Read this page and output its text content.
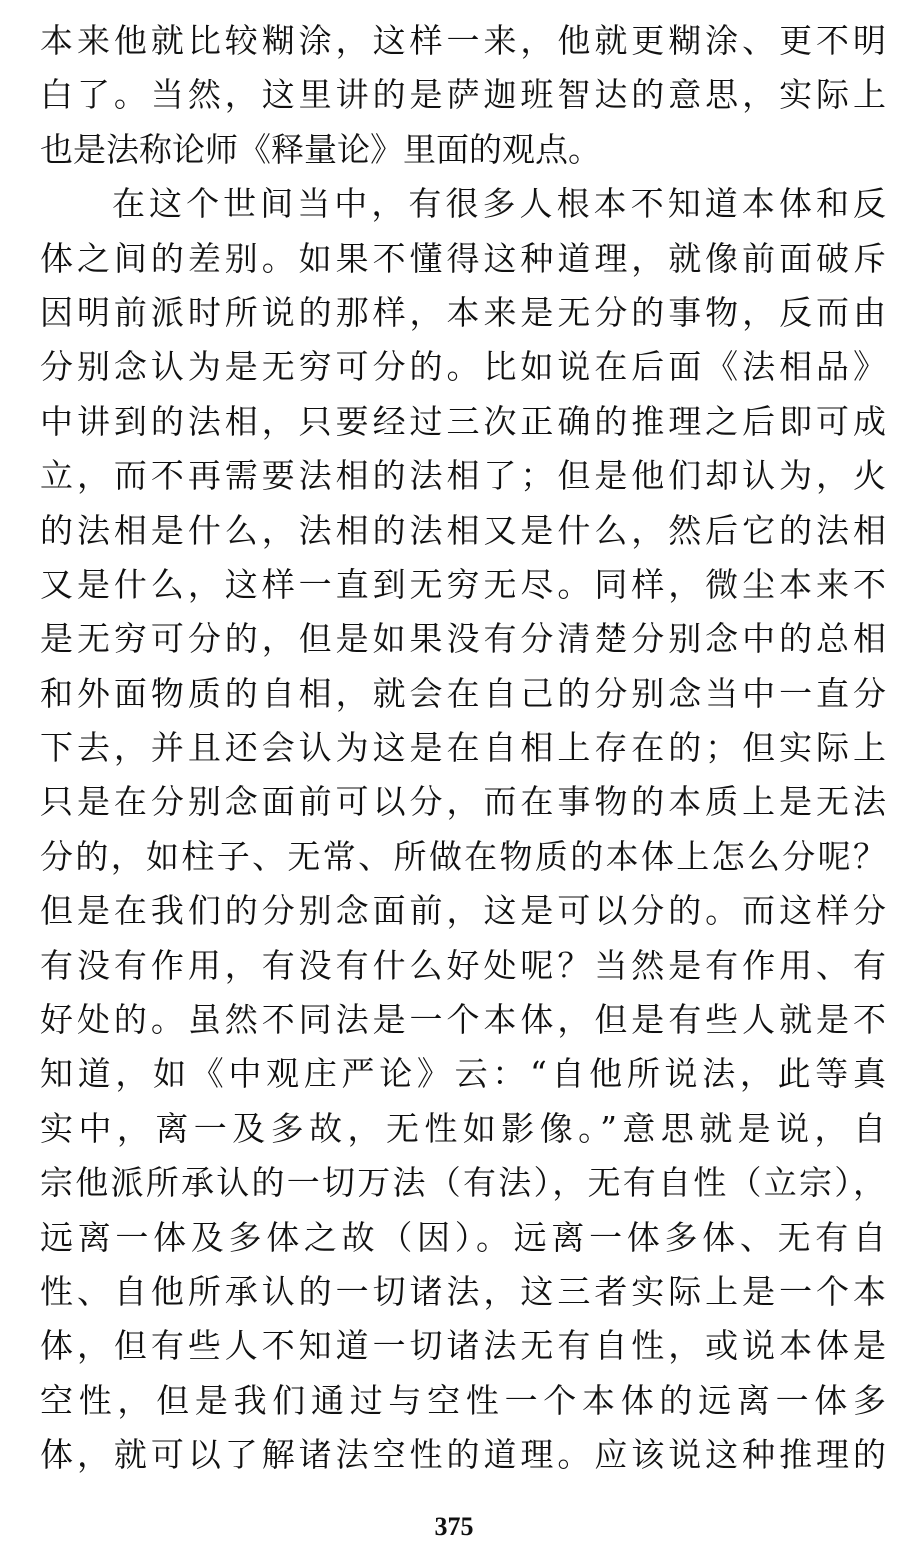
本来他就比较糊涂，这样一来，他就更糊涂、更不明
白了。当然，这里讲的是萨迦班智达的意思，实际上
也是法称论师《释量论》里面的观点。
在这个世间当中，有很多人根本不知道本体和反
体之间的差别。如果不懂得这种道理，就像前面破斥
因明前派时所说的那样，本来是无分的事物，反而由
分别念认为是无穷可分的。比如说在后面《法相品》
中讲到的法相，只要经过三次正确的推理之后即可成
立，而不再需要法相的法相了；但是他们却认为，火
的法相是什么，法相的法相又是什么，然后它的法相
又是什么，这样一直到无穷无尽。同样，微尘本来不
是无穷可分的，但是如果没有分清楚分别念中的总相
和外面物质的自相，就会在自己的分别念当中一直分
下去，并且还会认为这是在自相上存在的；但实际上
只是在分别念面前可以分，而在事物的本质上是无法
分的，如柱子、无常、所做在物质的本体上怎么分呢？
但是在我们的分别念面前，这是可以分的。而这样分
有没有作用，有没有什么好处呢？当然是有作用、有
好处的。虽然不同法是一个本体，但是有些人就是不
知道，如《中观庄严论》云：“自他所说法，此等真
实中，离一及多故，无性如影像。”意思就是说，自
宗他派所承认的一切万法（有法），无有自性（立宗），
远离一体及多体之故（因）。远离一体多体、无有自
性、自他所承认的一切诸法，这三者实际上是一个本
体，但有些人不知道一切诸法无有自性，或说本体是
空性，但是我们通过与空性一个本体的远离一体多
体，就可以了解诸法空性的道理。应该说这种推理的
375
